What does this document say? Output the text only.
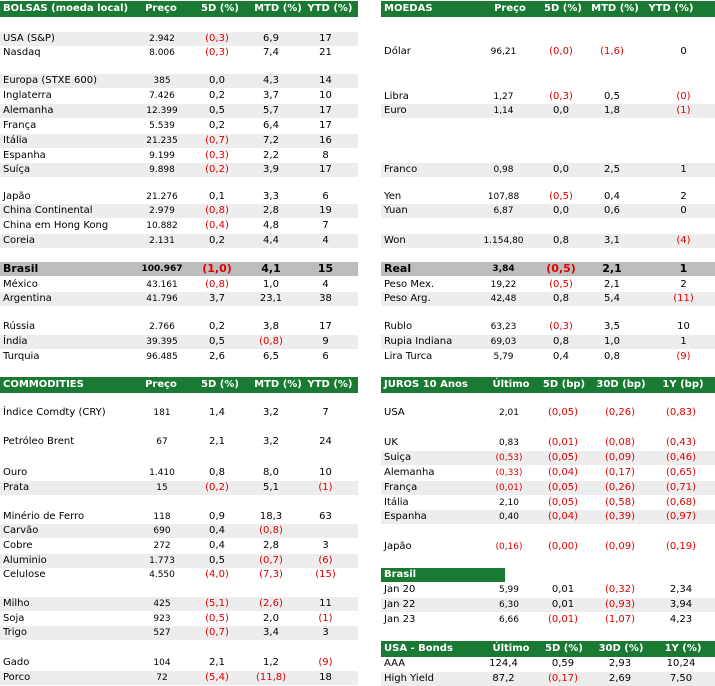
BOLSAS (moeda local)	Preço	5D (%)	MTD (%) YTD (%)
USA (S&P)	2.942	(0,3)	6,9	17
Nasdaq	8.006	(0,3)	7,4	21
Europa (STXE 600)	385	0,0	4,3	14
Inglaterra	7.426	0,2	3,7	10
Alemanha	12.399	0,5	5,7	17
França	5.539	0,2	6,4	17
Itália	21.235	(0,7)	7,2	16
Espanha	9.199	(0,3)	2,2	8
Suíça	9.898	(0,2)	3,9	17
Japão	21.276	0,1	3,3	6
China Continental	2.979	(0,8)	2,8	19
China em Hong Kong	10.882	(0,4)	4,8	7
Coreia	2.131	0,2	4,4	4
Brasil	100.967	(1,0)	4,1	15
México	43.161	(0,8)	1,0	4
Argentina	41.796	3,7	23,1	38
Rússia	2.766	0,2	3,8	17
Índia	39.395	0,5	(0,8)	9
Turquia	96.485	2,6	6,5	6
MOEDAS	Preço	5D (%) MTD (%) YTD (%)
Dólar	96,21	(0,0)	(1,6)	0
Libra	1,27	(0,3)	0,5	(0)
Euro	1,14	0,0	1,8	(1)
Franco	0,98	0,0	2,5	1
Yen	107,88	(0,5)	0,4	2
Yuan	6,87	0,0	0,6	0
Won	1.154,80	0,8	3,1	(4)
Real	3,84	(0,5)	2,1	1
Peso Mex.	19,22	(0,5)	2,1	2
Peso Arg.	42,48	0,8	5,4	(11)
Rublo	63,23	(0,3)	3,5	10
Rupia Indiana	69,03	0,8	1,0	1
Lira Turca	5,79	0,4	0,8	(9)
COMMODITIES	Preço	5D (%)	MTD (%) YTD (%)
Índice Comdty (CRY)	181	1,4	3,2	7
Petróleo Brent	67	2,1	3,2	24
Ouro	1.410	0,8	8,0	10
Prata	15	(0,2)	5,1	(1)
Minério de Ferro	118	0,9	18,3	63
Carvão	690	0,4	(0,8)
Cobre	272	0,4	2,8	3
Aluminio	1.773	0,5	(0,7)	(6)
Celulose	4.550	(4,0)	(7,3)	(15)
Milho	425	(5,1)	(2,6)	11
Soja	923	(0,5)	2,0	(1)
Trigo	527	(0,7)	3,4	3
Gado	104	2,1	1,2	(9)
Porco	72	(5,4)	(11,8)	18
JUROS 10 Anos	Último	5D (bp)	30D (bp)	1Y (bp)
USA	2,01	(0,05)	(0,26)	(0,83)
UK	0,83	(0,01)	(0,08)	(0,43)
Suiça	(0,53)	(0,05)	(0,09)	(0,46)
Alemanha	(0,33)	(0,04)	(0,17)	(0,65)
França	(0,01)	(0,05)	(0,26)	(0,71)
Itália	2,10	(0,05)	(0,58)	(0,68)
Espanha	0,40	(0,04)	(0,39)	(0,97)
Japão	(0,16)	(0,00)	(0,09)	(0,19)
Brasil
Jan 20	5,99	0,01	(0,32)	2,34
Jan 22	6,30	0,01	(0,93)	3,94
Jan 23	6,66	(0,01)	(1,07)	4,23
USA - Bonds	Último	5D (%)	30D (%)	1Y (%)
AAA	124,4	0,59	2,93	10,24
High Yield	87,2	(0,17)	2,69	7,50
